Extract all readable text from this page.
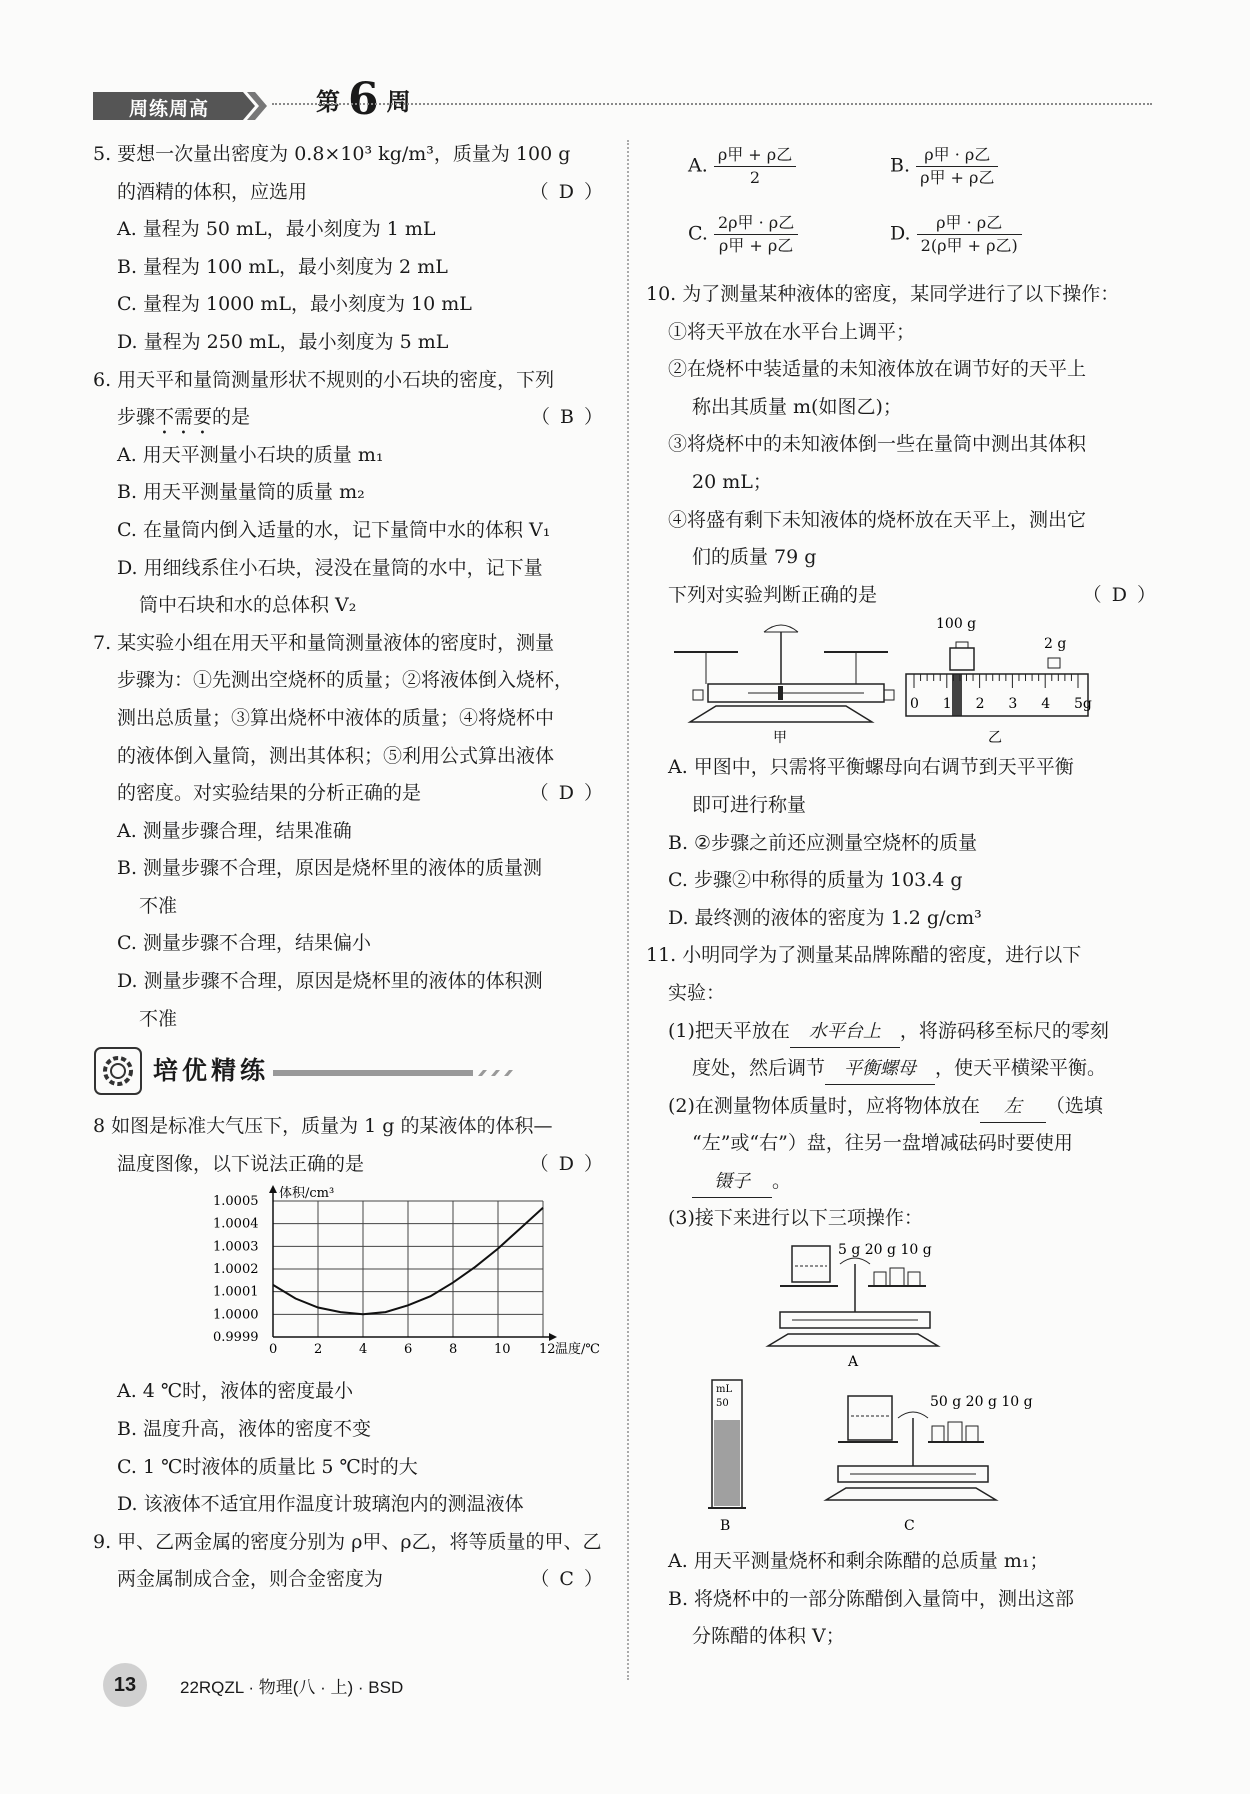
周练周高	第 6 周
5. 要想一次量出密度为 0.8×10³ kg/m³，质量为 100 g
的酒精的体积，应选用	（ D ）
A. 量程为 50 mL，最小刻度为 1 mL
B. 量程为 100 mL，最小刻度为 2 mL
C. 量程为 1000 mL，最小刻度为 10 mL
D. 量程为 250 mL，最小刻度为 5 mL
6. 用天平和量筒测量形状不规则的小石块的密度，下列
步骤不需要的是	（ B ）
A. 用天平测量小石块的质量 m₁
B. 用天平测量量筒的质量 m₂
C. 在量筒内倒入适量的水，记下量筒中水的体积 V₁
D. 用细线系住小石块，浸没在量筒的水中，记下量
筒中石块和水的总体积 V₂
7. 某实验小组在用天平和量筒测量液体的密度时，测量
步骤为：①先测出空烧杯的质量；②将液体倒入烧杯，
测出总质量；③算出烧杯中液体的质量；④将烧杯中
的液体倒入量筒，测出其体积；⑤利用公式算出液体
的密度。对实验结果的分析正确的是	（ D ）
A. 测量步骤合理，结果准确
B. 测量步骤不合理，原因是烧杯里的液体的质量测
不准
C. 测量步骤不合理，结果偏小
D. 测量步骤不合理，原因是烧杯里的液体的体积测
不准
培优精练
8 如图是标准大气压下，质量为 1 g 的某液体的体积—
温度图像，以下说法正确的是	（ D ）
0	2	4	6	8	10 12
0.9999
1.0000
1.0001
1.0002
1.0003
1.0004
1.0005
温度/℃
体积/cm³
A. 4 ℃时，液体的密度最小
B. 温度升高，液体的密度不变
C. 1 ℃时液体的质量比 5 ℃时的大
D. 该液体不适宜用作温度计玻璃泡内的测温液体
9. 甲、乙两金属的密度分别为 ρ甲、ρ乙，将等质量的甲、乙
两金属制成合金，则合金密度为	（ C ）
A. $\frac{\text{ρ甲 + ρ乙}}{2}$	B. $\frac{\text{ρ甲 · ρ乙}}{\text{ρ甲 + ρ乙}}$
C. $\frac{\text{2ρ甲 · ρ乙}}{\text{ρ甲 + ρ乙}}$	D. $\frac{\text{ρ甲 · ρ乙}}{\text{2(ρ甲 + ρ乙)}}$
10. 为了测量某种液体的密度，某同学进行了以下操作：
①将天平放在水平台上调平；
②在烧杯中装适量的未知液体放在调节好的天平上
称出其质量 m(如图乙)；
③将烧杯中的未知液体倒一些在量筒中测出其体积
20 mL；
④将盛有剩下未知液体的烧杯放在天平上，测出它
们的质量 79 g
下列对实验判断正确的是	（ D ）
甲
100 g
2 g
乙
0 1 2 3 4 5g
A. 甲图中，只需将平衡螺母向右调节到天平平衡
即可进行称量
B. ②步骤之前还应测量空烧杯的质量
C. 步骤②中称得的质量为 103.4 g
D. 最终测的液体的密度为 1.2 g/cm³
11. 小明同学为了测量某品牌陈醋的密度，进行以下
实验：
(1)把天平放在 水平台上 ，将游码移至标尺的零刻
度处，然后调节 平衡螺母 ，使天平横梁平衡。
(2)在测量物体质量时，应将物体放在 左 （选填
“左”或“右”）盘，往另一盘增减砝码时要使用
镊子 。
(3)接下来进行以下三项操作：
5 g 20 g 10 g
A
mL
50
B
50 g 20 g 10 g
C
A. 用天平测量烧杯和剩余陈醋的总质量 m₁；
B. 将烧杯中的一部分陈醋倒入量筒中，测出这部
分陈醋的体积 V；
13	22RQZL · 物理(八 · 上) · BSD
